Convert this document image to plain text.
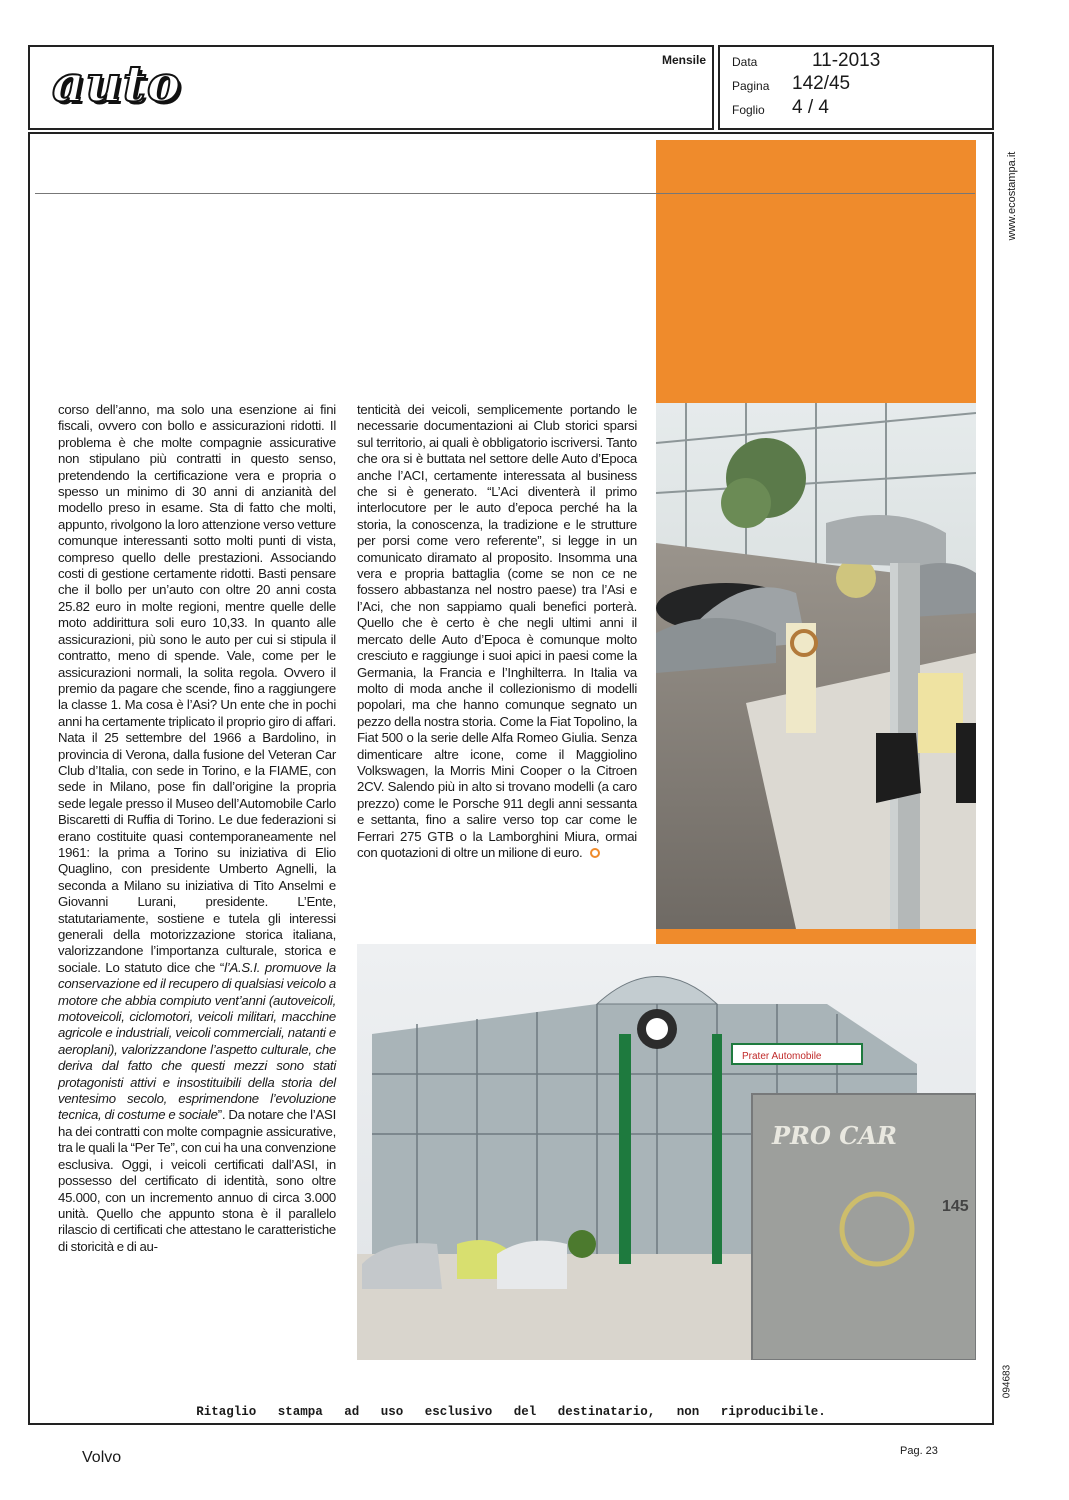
auto	Mensile Data	11-2013
Pagina 142/45
Foglio 4 / 4
www.ecostampa.it

corso dell’anno, ma solo una esenzione ai fini fiscali, ovvero con bollo e assicurazioni ridotti. Il problema è che molte compagnie assicurative non stipulano più contratti in questo senso, pretendendo la certificazione vera e propria o spesso un minimo di 30 anni di anzianità del modello preso in esame. Sta di fatto che molti, appunto, rivolgono la loro attenzione verso vetture comunque interessanti sotto molti punti di vista, compreso quello delle prestazioni. Associando costi di gestione certamente ridotti. Basti pensare che il bollo per un’auto con oltre 20 anni costa 25.82 euro in molte regioni, mentre quelle delle moto addirittura soli euro 10,33. In quanto alle assicurazioni, più sono le auto per cui si stipula il contratto, meno di spende. Vale, come per le assicurazioni normali, la solita regola. Ovvero il premio da pagare che scende, fino a raggiungere la classe 1. Ma cosa è l’Asi? Un ente che in pochi anni ha certamente triplicato il proprio giro di affari. Nata il 25 settembre del 1966 a Bardolino, in provincia di Verona, dalla fusione del Veteran Car Club d’Italia, con sede in Torino, e la FIAME, con sede in Milano, pose fin dall’origine la propria sede legale presso il Museo dell’Automobile Carlo Biscaretti di Ruffia di Torino. Le due federazioni si erano costituite quasi contemporaneamente nel 1961: la prima a Torino su iniziativa di Elio Quaglino, con presidente Umberto Agnelli, la seconda a Milano su iniziativa di Tito Anselmi e Giovanni Lurani, presidente. L’Ente, statutariamente, sostiene e tutela gli interessi generali della motorizzazione storica italiana, valorizzandone l’importanza culturale, storica e sociale. Lo statuto dice che “l’A.S.I. promuove la conservazione ed il recupero di qualsiasi veicolo a motore che abbia compiuto vent’anni (autoveicoli, motoveicoli, ciclomotori, veicoli militari, macchine agricole e industriali, veicoli commerciali, natanti e aeroplani), valorizzandone l’aspetto culturale, che deriva dal fatto che questi mezzi sono stati protagonisti attivi e insostituibili della storia del ventesimo secolo, esprimendone l’evoluzione tecnica, di costume e sociale”. Da notare che l’ASI ha dei contratti con molte compagnie assicurative, tra le quali la “Per Te”, con cui ha una convenzione esclusiva. Oggi, i veicoli certificati dall’ASI, in possesso del certificato di identità, sono oltre 45.000, con un incremento annuo di circa 3.000 unità. Quello che appunto stona è il parallelo rilascio di certificati che attestano le caratteristiche di storicità e di au-

tenticità dei veicoli, semplicemente portando le necessarie documentazioni ai Club storici sparsi sul territorio, ai quali è obbligatorio iscriversi. Tanto che ora si è buttata nel settore delle Auto d’Epoca anche l’ACI, certamente interessata al business che si è generato. “L’Aci diventerà il primo interlocutore per le auto d’epoca perché ha la storia, la conoscenza, la tradizione e le strutture per porsi come vero referente”, si legge in un comunicato diramato al proposito. Insomma una vera e propria battaglia (come se non ce ne fossero abbastanza nel nostro paese) tra l’Asi e l’Aci, che non sappiamo quali benefici porterà. Quello che è certo è che negli ultimi anni il mercato delle Auto d’Epoca è comunque molto cresciuto e raggiunge i suoi apici in paesi come la Germania, la Francia e l’Inghilterra. In Italia va molto di moda anche il collezionismo di modelli popolari, ma che hanno comunque segnato un pezzo della nostra storia. Come la Fiat Topolino, la Fiat 500 o la serie delle Alfa Romeo Giulia. Senza dimenticare altre icone, come il Maggiolino Volkswagen, la Morris Mini Cooper o la Citroen 2CV. Salendo più in alto si trovano modelli (a caro prezzo) come le Porsche 911 degli anni sessanta e settanta, fino a salire verso top car come le Ferrari 275 GTB o la Lamborghini Miura, ormai con quotazioni di oltre un milione di euro.

PRO CAR
Prater Automobile
145
094683
Ritaglio stampa ad uso esclusivo del destinatario, non riproducibile.
Volvo	Pag. 23
